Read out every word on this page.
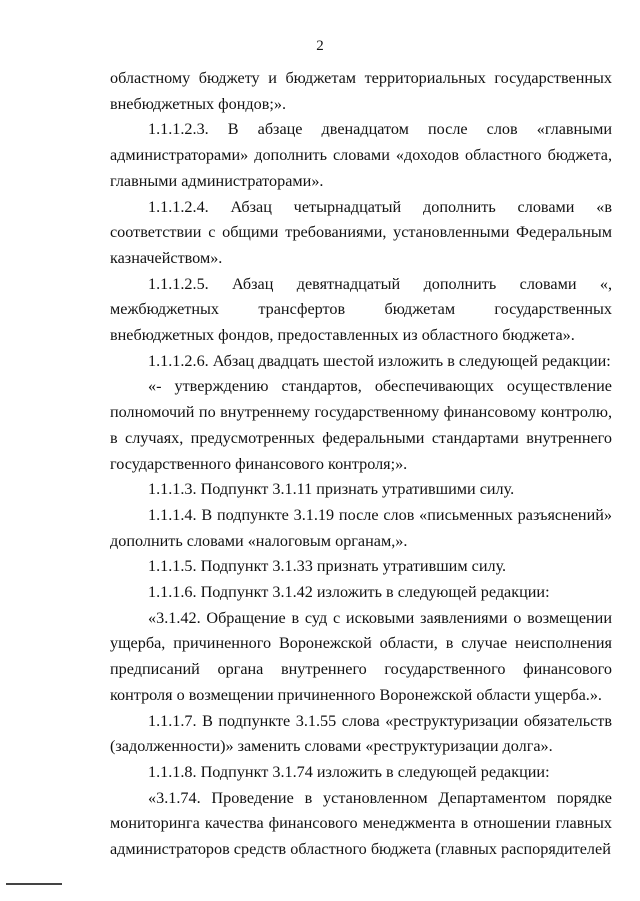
2

областному бюджету и бюджетам территориальных государственных внебюджетных фондов;».

1.1.1.2.3. В абзаце двенадцатом после слов «главными администраторами» дополнить словами «доходов областного бюджета, главными администраторами».

1.1.1.2.4. Абзац четырнадцатый дополнить словами «в соответствии с общими требованиями, установленными Федеральным казначейством».

1.1.1.2.5. Абзац девятнадцатый дополнить словами «, межбюджетных трансфертов бюджетам государственных внебюджетных фондов, предоставленных из областного бюджета».

1.1.1.2.6. Абзац двадцать шестой изложить в следующей редакции:

«- утверждению стандартов, обеспечивающих осуществление полномочий по внутреннему государственному финансовому контролю, в случаях, предусмотренных федеральными стандартами внутреннего государственного финансового контроля;».

1.1.1.3. Подпункт 3.1.11 признать утратившими силу.

1.1.1.4. В подпункте 3.1.19 после слов «письменных разъяснений» дополнить словами «налоговым органам,».

1.1.1.5. Подпункт 3.1.33 признать утратившим силу.

1.1.1.6. Подпункт 3.1.42 изложить в следующей редакции:

«3.1.42. Обращение в суд с исковыми заявлениями о возмещении ущерба, причиненного Воронежской области, в случае неисполнения предписаний органа внутреннего государственного финансового контроля о возмещении причиненного Воронежской области ущерба.».

1.1.1.7. В подпункте 3.1.55 слова «реструктуризации обязательств (задолженности)» заменить словами «реструктуризации долга».

1.1.1.8. Подпункт 3.1.74 изложить в следующей редакции:

«3.1.74. Проведение в установленном Департаментом порядке мониторинга качества финансового менеджмента в отношении главных администраторов средств областного бюджета (главных распорядителей
